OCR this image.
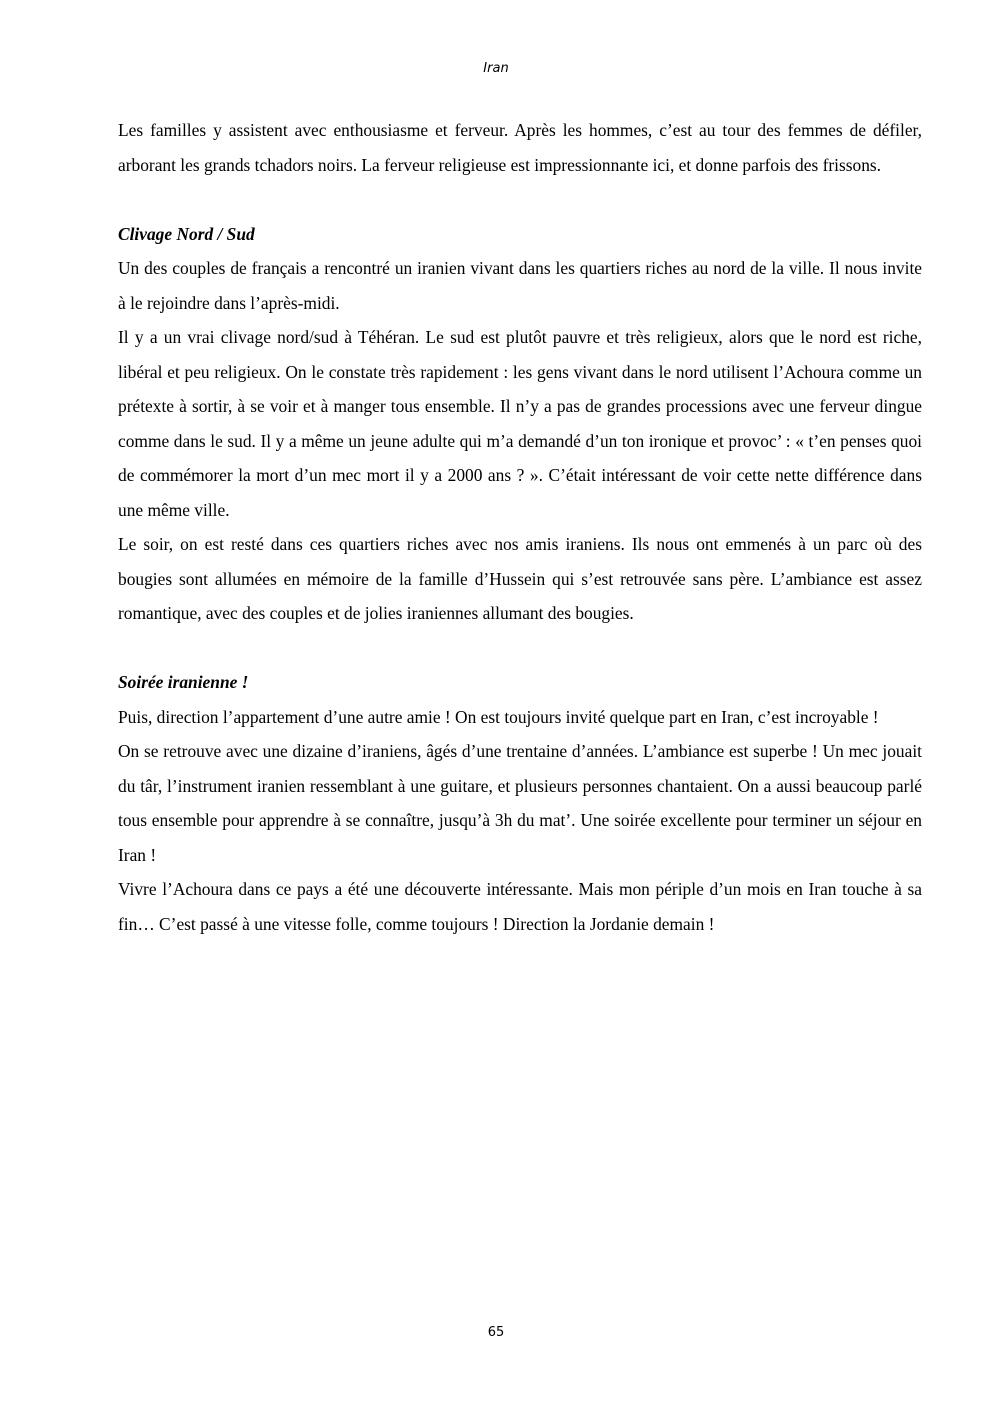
Iran

Les familles y assistent avec enthousiasme et ferveur. Après les hommes, c’est au tour des femmes de défiler, arborant les grands tchadors noirs. La ferveur religieuse est impressionnante ici, et donne parfois des frissons.

Clivage Nord / Sud

Un des couples de français a rencontré un iranien vivant dans les quartiers riches au nord de la ville. Il nous invite à le rejoindre dans l’après-midi.

Il y a un vrai clivage nord/sud à Téhéran. Le sud est plutôt pauvre et très religieux, alors que le nord est riche, libéral et peu religieux. On le constate très rapidement : les gens vivant dans le nord utilisent l’Achoura comme un prétexte à sortir, à se voir et à manger tous ensemble. Il n’y a pas de grandes processions avec une ferveur dingue comme dans le sud. Il y a même un jeune adulte qui m’a demandé d’un ton ironique et provoc’ : « t’en penses quoi de commémorer la mort d’un mec mort il y a 2000 ans ? ». C’était intéressant de voir cette nette différence dans une même ville.

Le soir, on est resté dans ces quartiers riches avec nos amis iraniens. Ils nous ont emmenés à un parc où des bougies sont allumées en mémoire de la famille d’Hussein qui s’est retrouvée sans père. L’ambiance est assez romantique, avec des couples et de jolies iraniennes allumant des bougies.

Soirée iranienne !

Puis, direction l’appartement d’une autre amie ! On est toujours invité quelque part en Iran, c’est incroyable !

On se retrouve avec une dizaine d’iraniens, âgés d’une trentaine d’années. L’ambiance est superbe ! Un mec jouait du târ, l’instrument iranien ressemblant à une guitare, et plusieurs personnes chantaient. On a aussi beaucoup parlé tous ensemble pour apprendre à se connaître, jusqu’à 3h du mat’. Une soirée excellente pour terminer un séjour en Iran !

Vivre l’Achoura dans ce pays a été une découverte intéressante. Mais mon périple d’un mois en Iran touche à sa fin… C’est passé à une vitesse folle, comme toujours ! Direction la Jordanie demain !

65
